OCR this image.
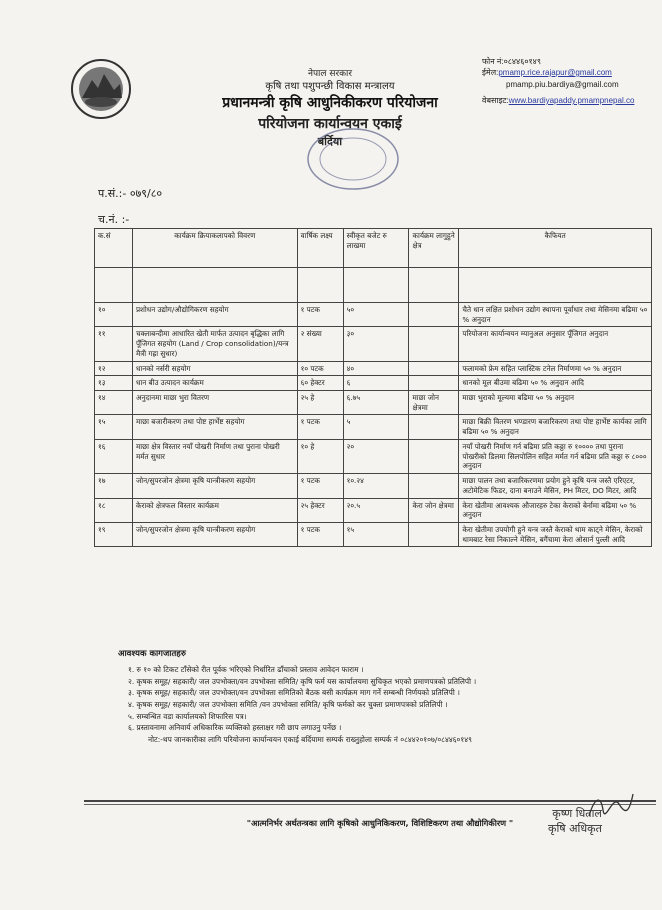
नेपाल सरकार
कृषि तथा पशुपन्छी विकास मन्त्रालय
प्रधानमन्त्री कृषि आधुनिकीकरण परियोजना
परियोजना कार्यान्वयन एकाई
बर्दिया
फोन नं:०८४४६०१४९
ईमेल:pmamp.rice.rajapur@gmail.com
pmamp.piu.bardiya@gmail.com
वेबसाइट:www.bardiyapaddy.pmampnepal.co
प.सं.:- ०७९/८०
च.नं. :-
क.सं	कार्यक्रम क्रियाकलापको विवरण	वार्षिक लक्ष्य	स्वीकृत बजेट रु लाखमा	कार्यक्रम लागुहुने क्षेत्र	कैफियत

१०	प्रशोधन उद्योग/औद्योगिकरण सहयोग	१ पटक	५०		चैते धान लक्षित प्रशोधन उद्योग स्थापना पूर्वाधार तथा मेसिनमा बढिमा ५० % अनुदान
११	चक्लाबन्दीमा आधारित खेती मार्फत उत्पादन बृद्धिका लागि पूँजिगत सहयोग (Land / Crop consolidation)/यन्त्र मैत्री गह्रा सुधार)	२ संख्या	३०		परियोजना कार्यान्वयन म्यानुअल अनुसार पूँजिगत अनुदान
१२	धानको नर्सरी सहयोग	१० पटक	४०		फलामको फ्रेम सहित प्लास्टिक टनेल निर्माणमा ५० % अनुदान
१३	धान बीउ उत्पादन कार्यक्रम	६० हेक्टर	६		धानको मूल बीउमा बढिमा ५० % अनुदान आदि
१४	अनुदानमा माछा भुरा वितरण	२५ हे	६.७५	माछा जोन क्षेत्रमा	माछा भुराको मूल्यमा बढिमा ५० % अनुदान
१५	माछा बजारीकरण तथा पोष्ट हार्भेष्ट सहयोग	१ पटक	५		माछा बिक्री वितरण भण्डारण बजारिकरण तथा पोष्ट हार्भेष्ट कार्यका लागि बढिमा ५० % अनुदान
१६	माछा क्षेत्र विस्तार नयाँ पोखरी निर्माण तथा पुराना पोखरी मर्मत सुधार	१० हे	२०		नयाँ पोखरी निर्माण गर्न बढिमा प्रति कठ्ठा रु १०००० तथा पुराना पोखरीको डिलमा सिलपोलिन सहित मर्मत गर्न बढिमा प्रति कठ्ठा रु ८००० अनुदान
१७	जोन/सुपरजोन क्षेत्रमा कृषि यान्त्रीकरण सहयोग	१ पटक	१०.२४		माछा पालन तथा बजारिकरणमा प्रयोग हुने कृषि यन्त्र जस्तै एरिएटर, अटोमेटिक फिडर, दाना बनाउने मेसिन, PH मिटर, DO मिटर, आदि
१८	केराको क्षेत्रफल विस्तार कार्यक्रम	२५ हेक्टर	२०.५	केरा जोन क्षेत्रमा	केरा खेतीमा आवश्यक औजारहरु टेका केराको बेर्नामा बढिमा ५० % अनुदान
१९	जोन/सुपरजोन क्षेत्रमा कृषि यान्त्रीकरण सहयोग	१ पटक	१५		केरा खेतीमा उपयोगी हुने यन्त्र जस्तै केराको थाम काट्ने मेसिन, केराको थामबाट रेसा निकाल्ने मेसिन, बगैंचामा केरा ओसार्न पुल्ली आदि
आवश्यक कागजातहरु
१. रु १० को टिकट टाँसेको रीत पूर्वक भरिएको निर्धारित ढाँचाको प्रस्ताव आवेदन फाराम ।
२. कृषक समूह/ सहकारी/ जल उपभोक्ता/वन उपभोक्ता समिति/ कृषि फर्म यस कार्यालयमा सुचिकृत भएको प्रमाणपत्रको प्रतिलिपी ।
३. कृषक समूह/ सहकारी/ जल उपभोक्ता/वन उपभोक्ता समितिको बैठक बसी कार्यक्रम माग गर्ने सम्बन्धी निर्णयको प्रतिलिपी ।
४. कृषक समूह/ सहकारी/ जल उपभोक्ता समिति /वन उपभोक्ता समिति/ कृषि फर्मको कर चुक्ता प्रमाणपत्रको प्रतिलिपी ।
५. सम्बन्धित वडा कार्यालयको शिफारिस पत्र।
६. प्रस्तावनामा अनिवार्य अधिकारिक व्यक्तिको हस्ताक्षर गरी छाप लगाउनु पर्नेछ ।
नोट:-थप जानकारीका लागि परियोजना कार्यान्वयन एकाई बर्दियामा सम्पर्क राख्नुहोला सम्पर्क नं ०८४४२०१०७/०८४४६०१४९
"आत्मनिर्भर अर्थतन्त्रका लागि कृषिको आधुनिकिकरण, विशिष्टिकरण तथा औद्योगिकीरण "
कृष्ण धिताल
कृषि अधिकृत
